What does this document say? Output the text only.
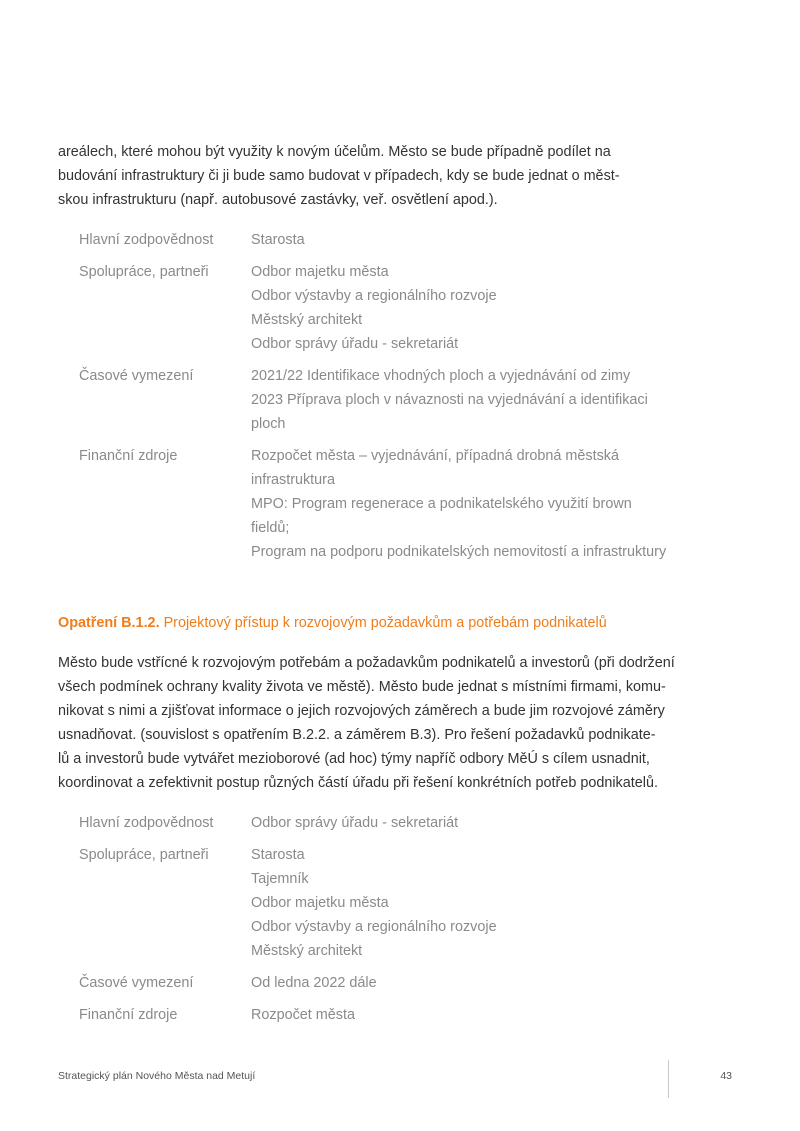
areálech, které mohou být využity k novým účelům. Město se bude případně podílet na
budování infrastruktury či ji bude samo budovat v případech, kdy se bude jednat o měst-
skou infrastrukturu (např. autobusové zastávky, veř. osvětlení apod.).
Hlavní zodpovědnost	Starosta
Spolupráce, partneři	Odbor majetku města
Odbor výstavby a regionálního rozvoje
Městský architekt
Odbor správy úřadu - sekretariát
Časové vymezení	2021/22 Identifikace vhodných ploch a vyjednávání od zimy
2023 Příprava ploch v návaznosti na vyjednávání a identifikaci
ploch
Finanční zdroje	Rozpočet města – vyjednávání, případná drobná městská
infrastruktura
MPO: Program regenerace a podnikatelského využití brown
fieldů;
Program na podporu podnikatelských nemovitostí a infrastruktury
Opatření B.1.2. Projektový přístup k rozvojovým požadavkům a potřebám podnikatelů
Město bude vstřícné k rozvojovým potřebám a požadavkům podnikatelů a investorů (při dodržení
všech podmínek ochrany kvality života ve městě). Město bude jednat s místními firmami, komu-
nikovat s nimi a zjišťovat informace o jejich rozvojových záměrech a bude jim rozvojové záměry
usnadňovat. (souvislost s opatřením B.2.2. a záměrem B.3). Pro řešení požadavků podnikate-
lů a investorů bude vytvářet mezioborové (ad hoc) týmy napříč odbory MěÚ s cílem usnadnit,
koordinovat a zefektivnit postup různých částí úřadu při řešení konkrétních potřeb podnikatelů.
Hlavní zodpovědnost	Odbor správy úřadu - sekretariát
Spolupráce, partneři	Starosta
Tajemník
Odbor majetku města
Odbor výstavby a regionálního rozvoje
Městský architekt
Časové vymezení	Od ledna 2022 dále
Finanční zdroje	Rozpočet města
Strategický plán Nového Města nad Metují	43
